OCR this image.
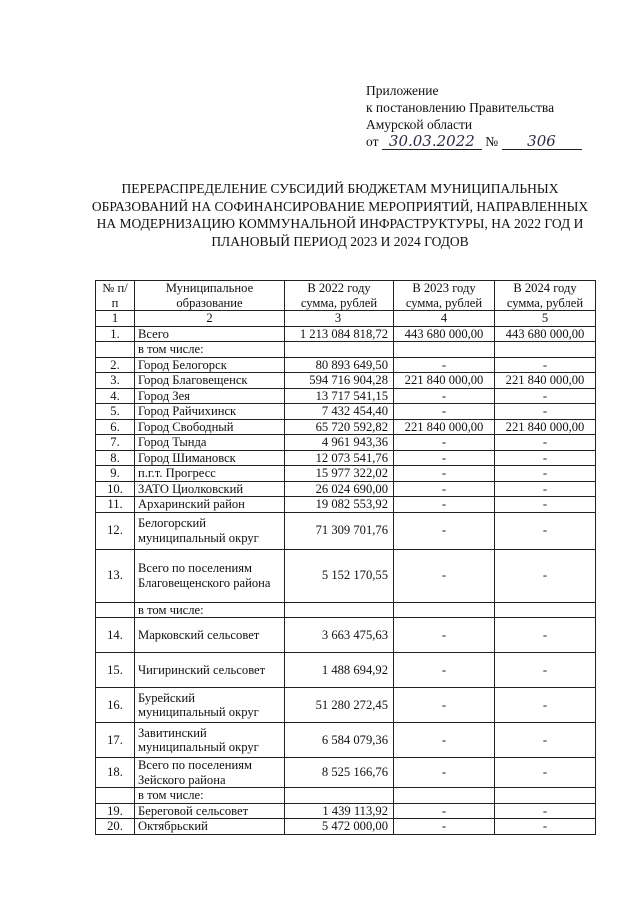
Приложение
к постановлению Правительства
Амурской области
от 30.03.2022 № 306
ПЕРЕРАСПРЕДЕЛЕНИЕ СУБСИДИЙ БЮДЖЕТАМ МУНИЦИПАЛЬНЫХ ОБРАЗОВАНИЙ НА СОФИНАНСИРОВАНИЕ МЕРОПРИЯТИЙ, НАПРАВЛЕННЫХ НА МОДЕРНИЗАЦИЮ КОММУНАЛЬНОЙ ИНФРАСТРУКТУРЫ, НА 2022 ГОД И ПЛАНОВЫЙ ПЕРИОД 2023 И 2024 ГОДОВ
№ п/п	Муниципальное образование	В 2022 году сумма, рублей	В 2023 году сумма, рублей	В 2024 году сумма, рублей
1	2	3	4	5
1.	Всего	1 213 084 818,72	443 680 000,00	443 680 000,00
	в том числе:			
2.	Город Белогорск	80 893 649,50	-	-
3.	Город Благовещенск	594 716 904,28	221 840 000,00	221 840 000,00
4.	Город Зея	13 717 541,15	-	-
5.	Город Райчихинск	7 432 454,40	-	-
6.	Город Свободный	65 720 592,82	221 840 000,00	221 840 000,00
7.	Город Тында	4 961 943,36	-	-
8.	Город Шимановск	12 073 541,76	-	-
9.	п.г.т. Прогресс	15 977 322,02	-	-
10.	ЗАТО Циолковский	26 024 690,00	-	-
11.	Архаринский район	19 082 553,92	-	-
12.	Белогорский муниципальный округ	71 309 701,76	-	-
13.	Всего по поселениям Благовещенского района	5 152 170,55	-	-
	в том числе:			
14.	Марковский сельсовет	3 663 475,63	-	-
15.	Чигиринский сельсовет	1 488 694,92	-	-
16.	Бурейский муниципальный округ	51 280 272,45	-	-
17.	Завитинский муниципальный округ	6 584 079,36	-	-
18.	Всего по поселениям Зейского района	8 525 166,76	-	-
	в том числе:			
19.	Береговой сельсовет	1 439 113,92	-	-
20.	Октябрьский	5 472 000,00	-	-
